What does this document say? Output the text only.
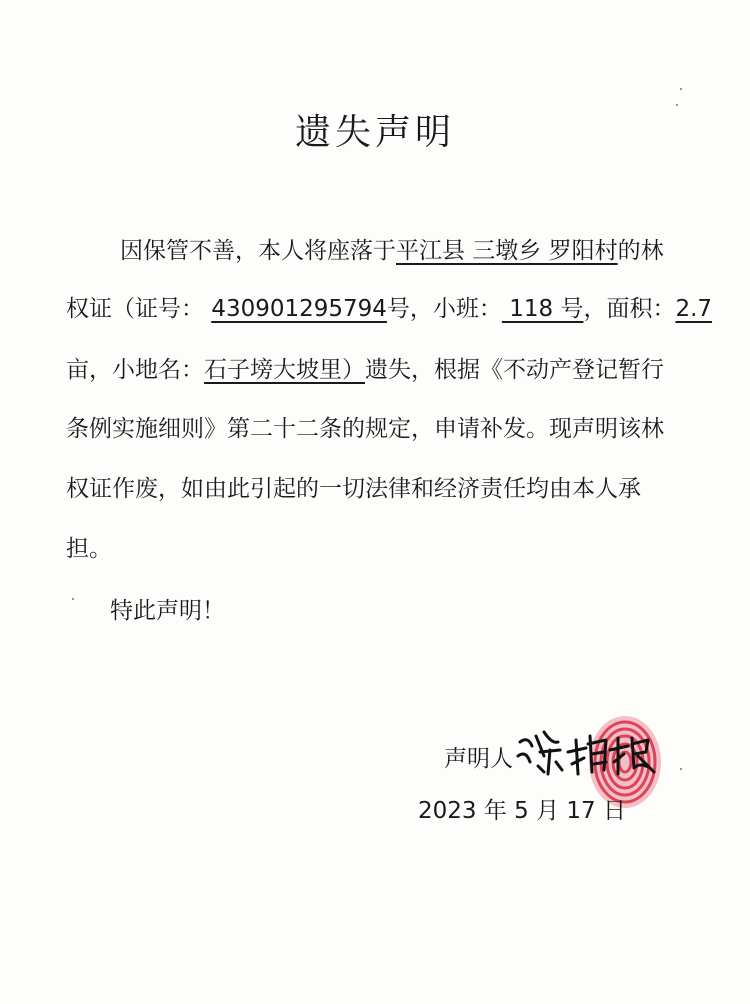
遗失声明
因保管不善，本人将座落于平江县 三墩乡 罗阳村的林
权证（证号： 430901295794号，小班： 118 号，面积：2.7
亩，小地名：石子塝大坡里）遗失，根据《不动产登记暂行
条例实施细则》第二十二条的规定，申请补发。现声明该林
权证作废，如由此引起的一切法律和经济责任均由本人承
担。
特此声明！
声明人
2023 年 5 月 17 日
